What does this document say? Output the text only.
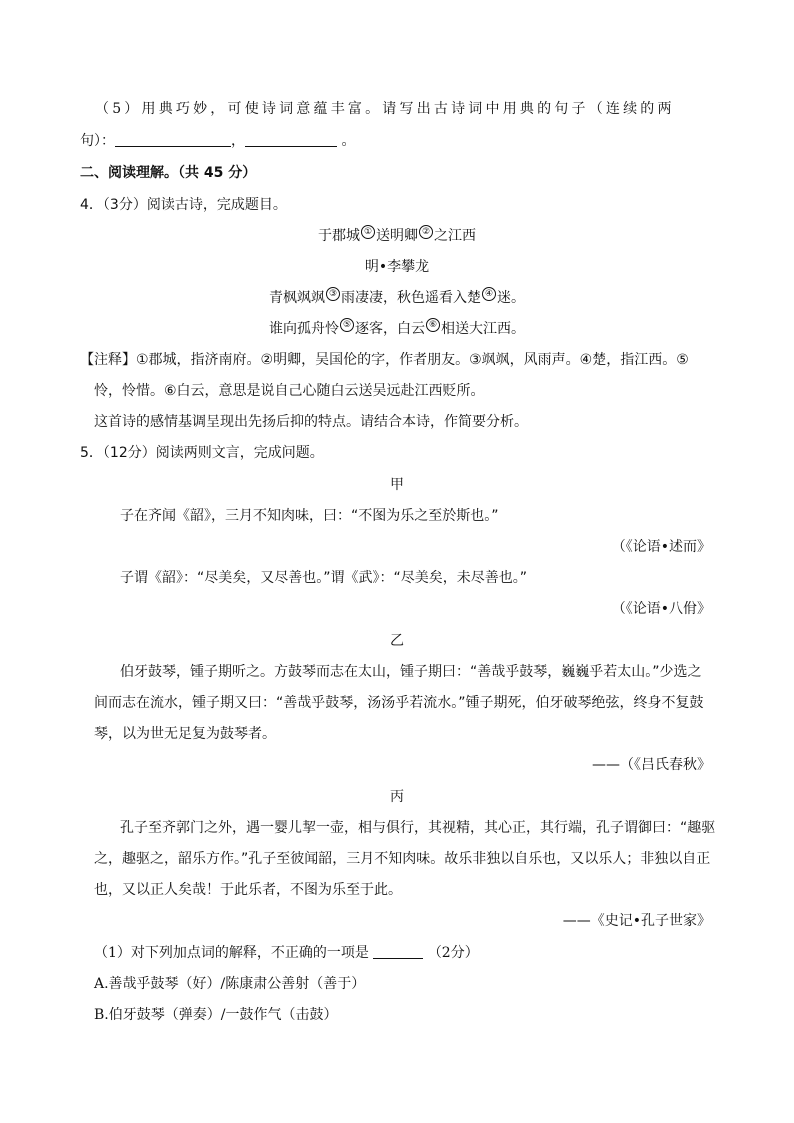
（5）用典巧妙，可使诗词意蕴丰富。请写出古诗词中用典的句子（连续的两
句）：	，	。
二、阅读理解。（共 45 分）
4．（3分）阅读古诗，完成题目。
于郡城 ① 送明卿 ② 之江西
明•李攀龙
青枫飒飒 ③ 雨凄凄，秋色遥看入楚 ④ 迷。
谁向孤舟怜 ⑤ 逐客，白云 ⑥ 相送大江西。
【注释】①郡城，指济南府。②明卿，吴国伦的字，作者朋友。③飒飒，风雨声。④楚，指江西。⑤
怜，怜惜。⑥白云，意思是说自己心随白云送吴远赴江西贬所。
这首诗的感情基调呈现出先扬后抑的特点。请结合本诗，作简要分析。
5．（12分）阅读两则文言，完成问题。
甲
子在齐闻《韶》，三月不知肉味，曰：“不图为乐之至於斯也。”
（《论语•述而》
子谓《韶》：“尽美矣，又尽善也。”谓《武》：“尽美矣，未尽善也。”
（《论语•八佾》
乙
伯牙鼓琴，锺子期听之。方鼓琴而志在太山，锺子期曰：“善哉乎鼓琴，巍巍乎若太山。”少选之
间而志在流水，锺子期又曰：“善哉乎鼓琴，汤汤乎若流水。”锺子期死，伯牙破琴绝弦，终身不复鼓
琴，以为世无足复为鼓琴者。
——（《吕氏春秋》
丙
孔子至齐郭门之外，遇一婴儿挈一壶，相与俱行，其视精，其心正，其行端，孔子谓御曰：“趣驱
之，趣驱之，韶乐方作。”孔子至彼闻韶，三月不知肉味。故乐非独以自乐也，又以乐人；非独以自正
也，又以正人矣哉！于此乐者，不图为乐至于此。
——《史记•孔子世家》
（1）对下列加点词的解释，不正确的一项是	（2分）
A.善哉乎鼓琴（好）/陈康肃公善射（善于）
B.伯牙鼓琴（弹奏）/一鼓作气（击鼓）
